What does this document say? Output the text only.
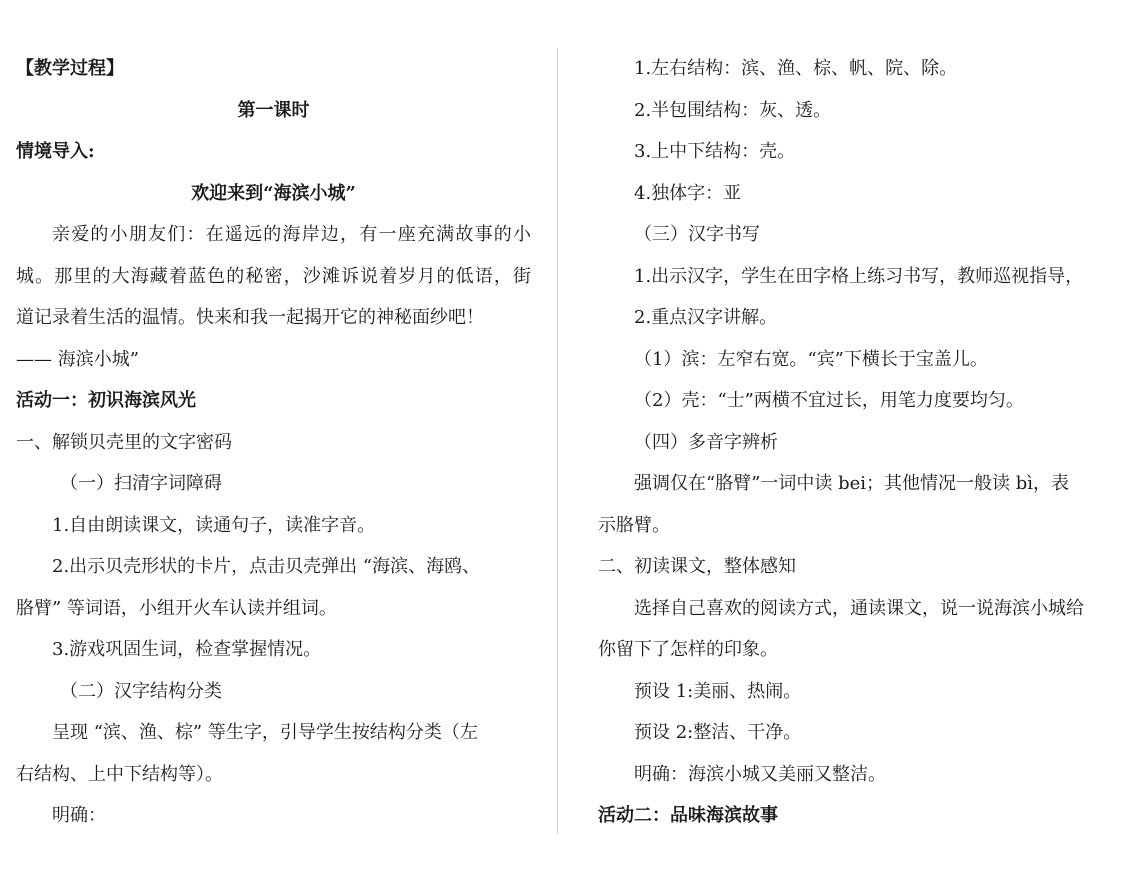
【教学过程】
第一课时
情境导入:
欢迎来到“海滨小城”
亲爱的小朋友们：在遥远的海岸边，有一座充满故事的小
城。那里的大海藏着蓝色的秘密，沙滩诉说着岁月的低语，街
道记录着生活的温情。快来和我一起揭开它的神秘面纱吧！
—— 海滨小城”
活动一：初识海滨风光
一、解锁贝壳里的文字密码
（一）扫清字词障碍
1.自由朗读课文，读通句子，读准字音。
2.出示贝壳形状的卡片，点击贝壳弹出 “海滨、海鸥、
胳臂” 等词语，小组开火车认读并组词。
3.游戏巩固生词，检查掌握情况。
（二）汉字结构分类
呈现 “滨、渔、棕” 等生字，引导学生按结构分类（左
右结构、上中下结构等）。
明确：
1.左右结构：滨、渔、棕、帆、院、除。
2.半包围结构：灰、透。
3.上中下结构：壳。
4.独体字：亚
（三）汉字书写
1.出示汉字，学生在田字格上练习书写，教师巡视指导，
2.重点汉字讲解。
（1）滨：左窄右宽。“宾”下横长于宝盖儿。
（2）壳：“士”两横不宜过长，用笔力度要均匀。
（四）多音字辨析
强调仅在“胳臂”一词中读 bei；其他情况一般读 bì，表
示胳臂。
二、初读课文，整体感知
选择自己喜欢的阅读方式，通读课文，说一说海滨小城给
你留下了怎样的印象。
预设 1:美丽、热闹。
预设 2:整洁、干净。
明确：海滨小城又美丽又整洁。
活动二：品味海滨故事
